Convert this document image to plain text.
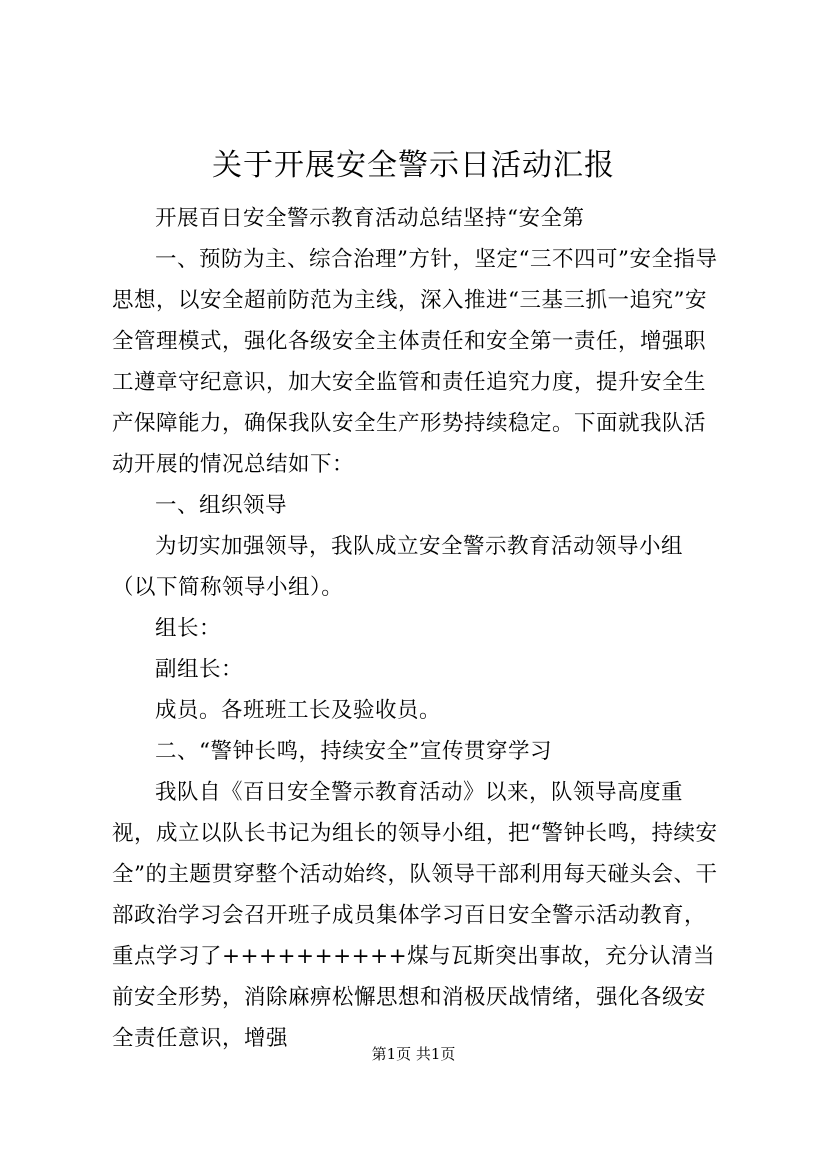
关于开展安全警示日活动汇报

开展百日安全警示教育活动总结坚持“安全第

一、预防为主、综合治理”方针，坚定“三不四可”安全指导思想，以安全超前防范为主线，深入推进“三基三抓一追究”安全管理模式，强化各级安全主体责任和安全第一责任，增强职工遵章守纪意识，加大安全监管和责任追究力度，提升安全生产保障能力，确保我队安全生产形势持续稳定。下面就我队活动开展的情况总结如下：

一、组织领导

为切实加强领导，我队成立安全警示教育活动领导小组（以下简称领导小组）。

组长：

副组长：

成员。各班班工长及验收员。

二、“警钟长鸣，持续安全”宣传贯穿学习

我队自《百日安全警示教育活动》以来，队领导高度重视，成立以队长书记为组长的领导小组，把“警钟长鸣，持续安全”的主题贯穿整个活动始终，队领导干部利用每天碰头会、干部政治学习会召开班子成员集体学习百日安全警示活动教育，重点学习了++++++++++煤与瓦斯突出事故，充分认清当前安全形势，消除麻痹松懈思想和消极厌战情绪，强化各级安全责任意识，增强

第1页 共1页
